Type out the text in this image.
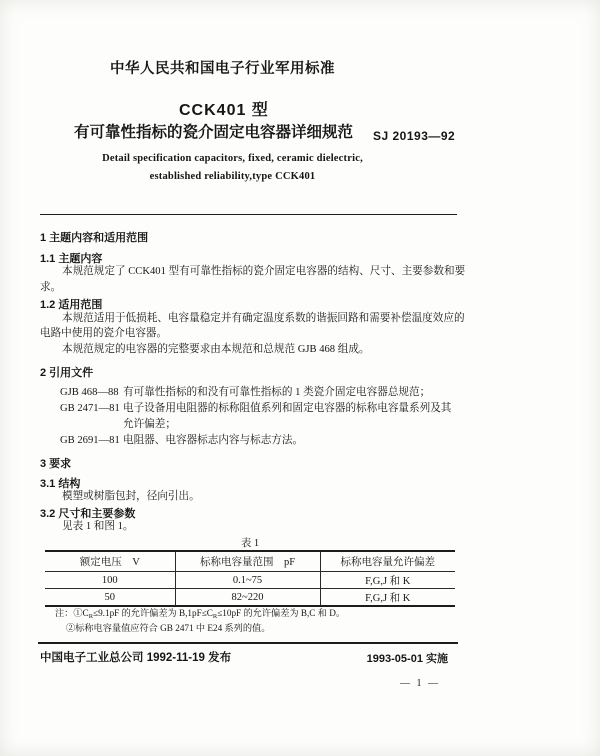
中华人民共和国电子行业军用标准
CCK401 型
有可靠性指标的瓷介固定电容器详细规范 SJ 20193—92
Detail specification capacitors, fixed, ceramic dielectric,
established reliability,type CCK401
1 主题内容和适用范围
1.1 主题内容
本规范规定了 CCK401 型有可靠性指标的瓷介固定电容器的结构、尺寸、主要参数和要
求。
1.2 适用范围
本规范适用于低损耗、电容量稳定并有确定温度系数的谐振回路和需要补偿温度效应的
电路中使用的瓷介电容器。
本规范规定的电容器的完整要求由本规范和总规范 GJB 468 组成。
2 引用文件
GJB 468—88 有可靠性指标的和没有可靠性指标的 1 类瓷介固定电容器总规范；
GB 2471—81 电子设备用电阻器的标称阻值系列和固定电容器的标称电容量系列及其
允许偏差；
GB 2691—81 电阻器、电容器标志内容与标志方法。
3 要求
3.1 结构
模塑或树脂包封，径向引出。
3.2 尺寸和主要参数
见表 1 和图 1。
表 1
额定电压　V	标称电容量范围　pF	标称电容量允许偏差
100	0.1~75	F,G,J 和 K
50	82~220	F,G,J 和 K
注：$①C_R\le 9.1pF$ 的允许偏差为 $B,1pF\le C_R\le 10pF$ 的允许偏差为 B,C 和 D。
②标称电容量值应符合 GB 2471 中 E24 系列的值。
中国电子工业总公司 1992-11-19 发布	1993-05-01 实施
— 1 —
